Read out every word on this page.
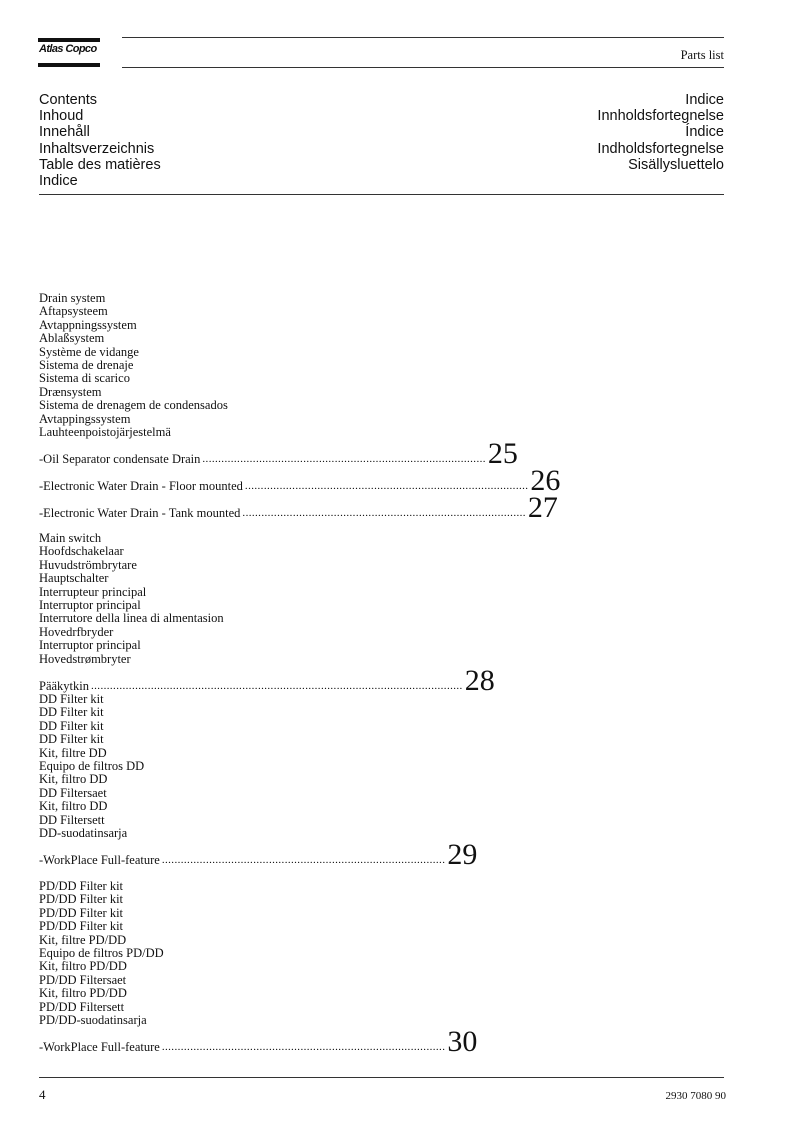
Atlas Copco	Parts list
Contents
Inhoud
Innehåll
Inhaltsverzeichnis
Table des matières
Indice
Indice
Innholdsfortegnelse
Índice
Indholdsfortegnelse
Sisällysluettelo
Drain system
Aftapsysteem
Avtappningssystem
Ablaßsystem
Système de vidange
Sistema de drenaje
Sistema di scarico
Drænsystem
Sistema de drenagem de condensados
Avtappingssystem
Lauhteenpoistojärjestelmä
- Oil Separator condensate Drain .......................................................................................... 25
- Electronic Water Drain - Floor mounted .......................................................................................... 26
- Electronic Water Drain - Tank mounted .......................................................................................... 27
Main switch
Hoofdschakelaar
Huvudströmbrytare
Hauptschalter
Interrupteur principal
Interruptor principal
Interrutore della linea di almentasion
Hovedrfbryder
Interruptor principal
Hovedstrømbryter
Pääkytkin ...................................................................................................................... 28
DD Filter kit
DD Filter kit
DD Filter kit
DD Filter kit
Kit, filtre DD
Equipo de filtros DD
Kit, filtro DD
DD Filtersaet
Kit, filtro DD
DD Filtersett
DD-suodatinsarja
- WorkPlace Full-feature .......................................................................................... 29
PD/DD Filter kit
PD/DD Filter kit
PD/DD Filter kit
PD/DD Filter kit
Kit, filtre PD/DD
Equipo de filtros PD/DD
Kit, filtro PD/DD
PD/DD Filtersaet
Kit, filtro PD/DD
PD/DD Filtersett
PD/DD-suodatinsarja
- WorkPlace Full-feature .......................................................................................... 30
4	2930 7080 90
